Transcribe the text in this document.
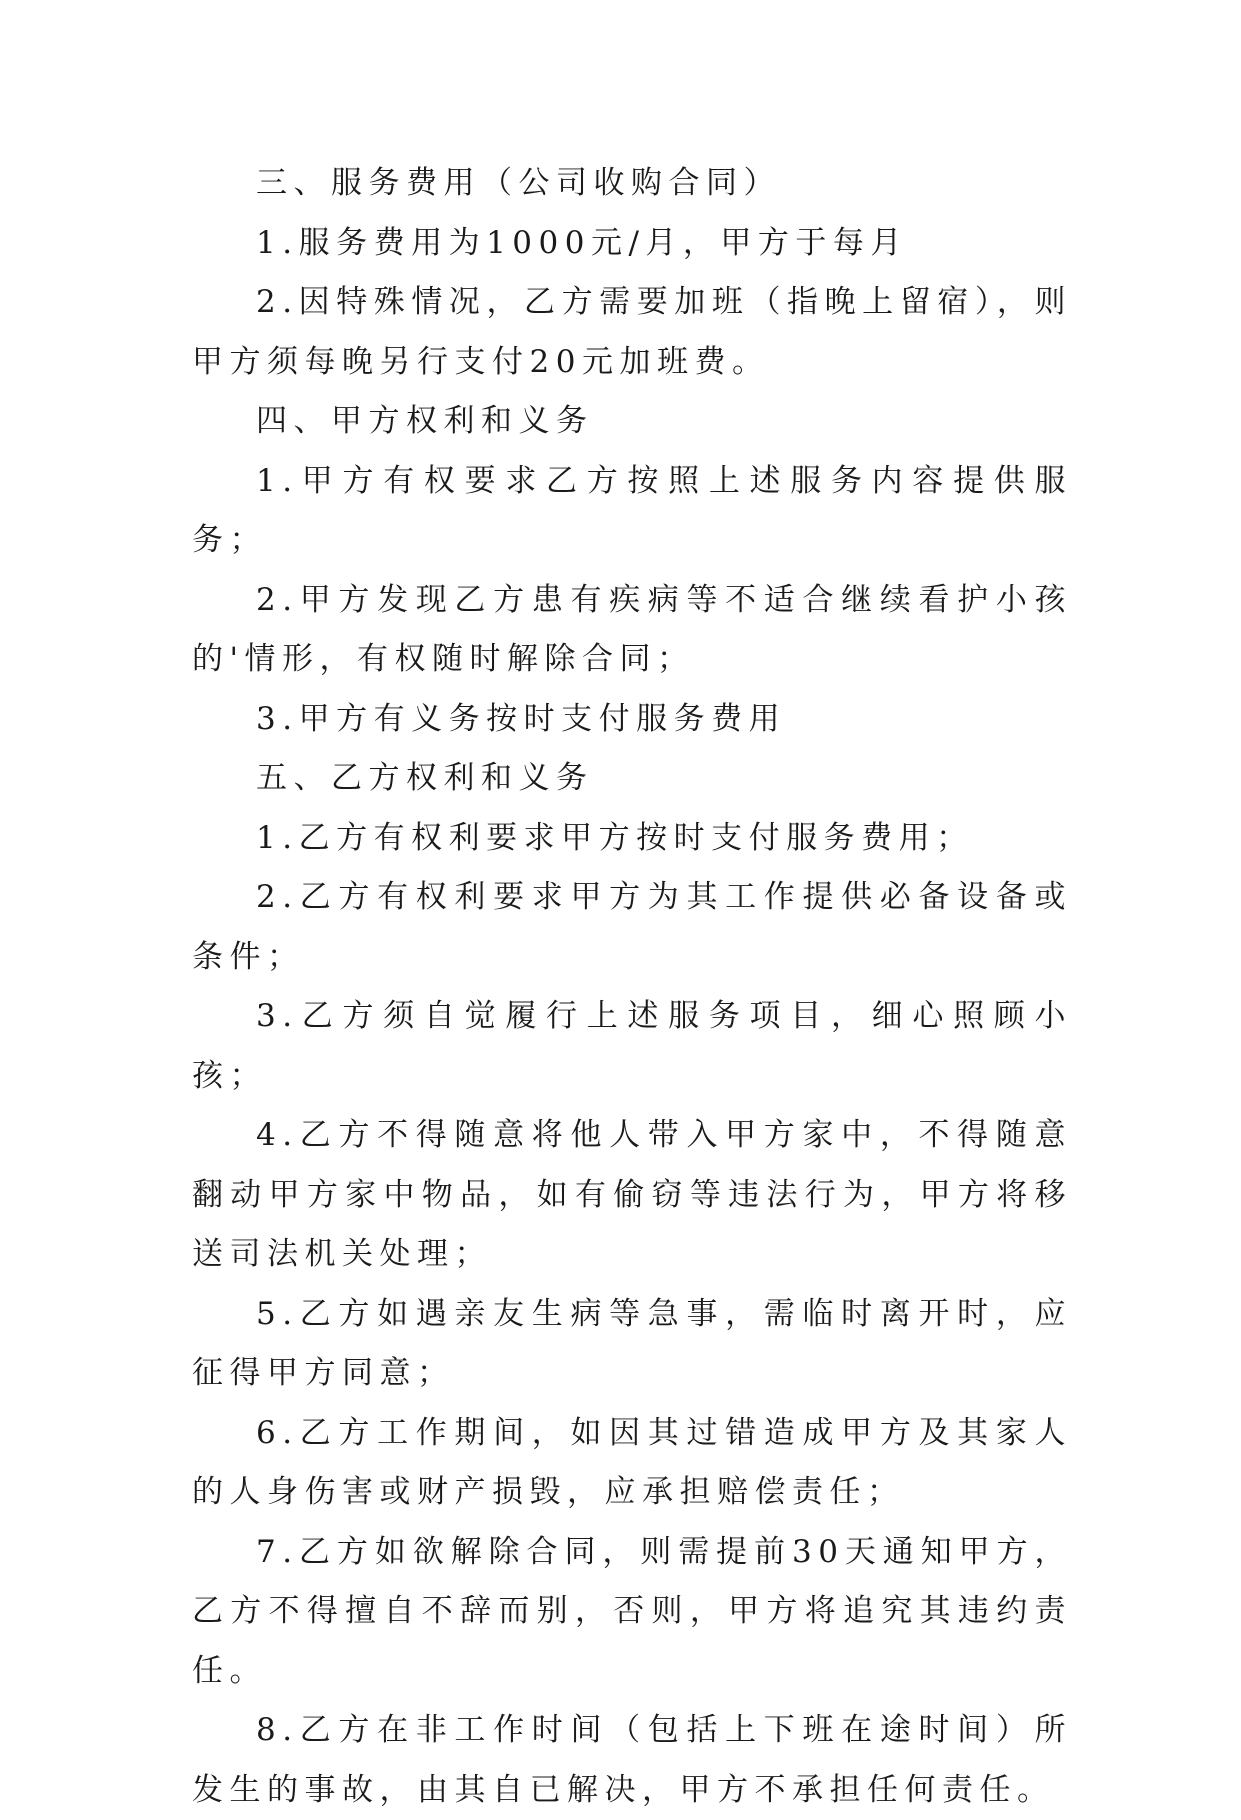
三、服务费用（公司收购合同）

1.服务费用为1000元/月，甲方于每月

2.因特殊情况，乙方需要加班（指晚上留宿），则甲方须每晚另行支付20元加班费。

四、甲方权利和义务

1.甲方有权要求乙方按照上述服务内容提供服务；

2.甲方发现乙方患有疾病等不适合继续看护小孩的'情形，有权随时解除合同；

3.甲方有义务按时支付服务费用

五、乙方权利和义务

1.乙方有权利要求甲方按时支付服务费用；

2.乙方有权利要求甲方为其工作提供必备设备或条件；

3.乙方须自觉履行上述服务项目，细心照顾小孩；

4.乙方不得随意将他人带入甲方家中，不得随意翻动甲方家中物品，如有偷窃等违法行为，甲方将移送司法机关处理；

5.乙方如遇亲友生病等急事，需临时离开时，应征得甲方同意；

6.乙方工作期间，如因其过错造成甲方及其家人的人身伤害或财产损毁，应承担赔偿责任；

7.乙方如欲解除合同，则需提前30天通知甲方，乙方不得擅自不辞而别，否则，甲方将追究其违约责任。

8.乙方在非工作时间（包括上下班在途时间）所发生的事故，由其自已解决，甲方不承担任何责任。
